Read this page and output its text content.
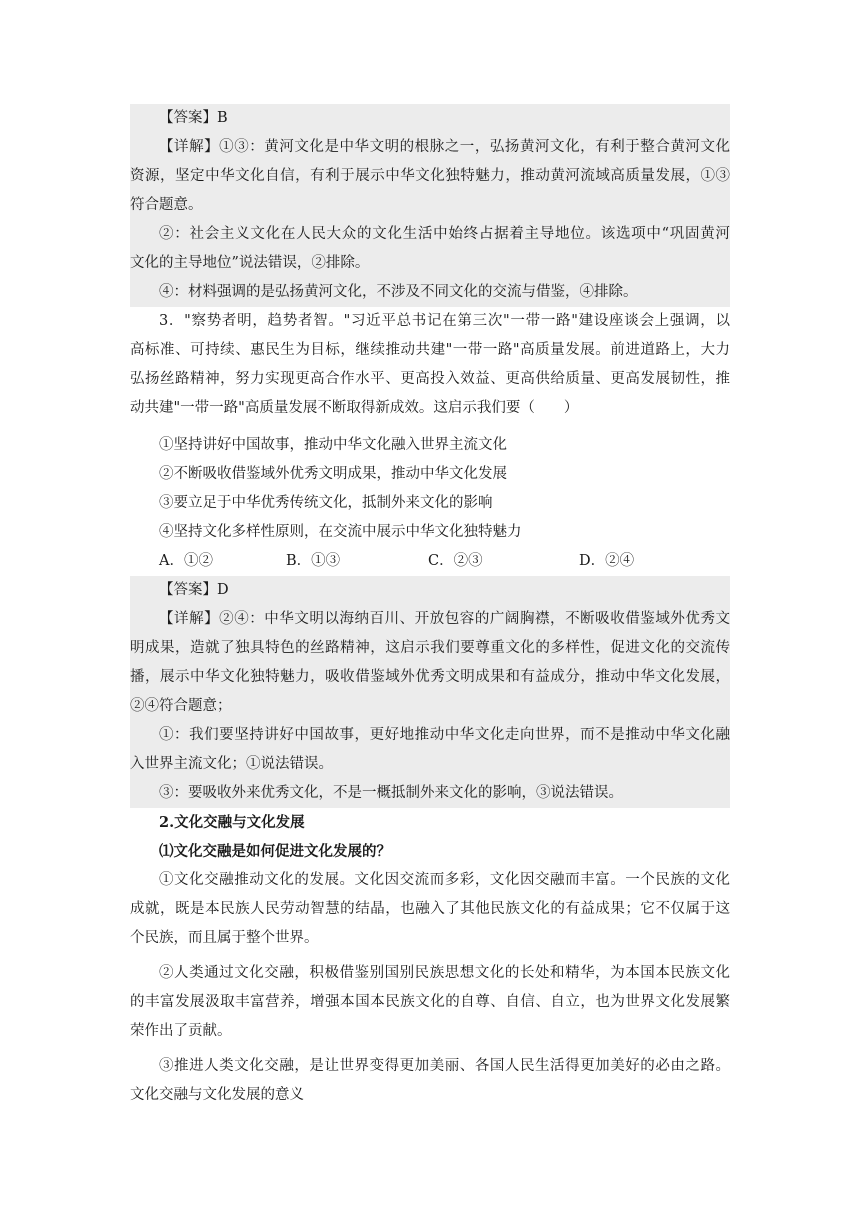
【答案】B
【详解】①③：黄河文化是中华文明的根脉之一，弘扬黄河文化，有利于整合黄河文化
资源，坚定中华文化自信，有利于展示中华文化独特魅力，推动黄河流域高质量发展，①③
符合题意。
②：社会主义文化在人民大众的文化生活中始终占据着主导地位。该选项中“巩固黄河
文化的主导地位”说法错误，②排除。
④：材料强调的是弘扬黄河文化，不涉及不同文化的交流与借鉴，④排除。
3．"察势者明，趋势者智。"习近平总书记在第三次"一带一路"建设座谈会上强调，以
高标准、可持续、惠民生为目标，继续推动共建"一带一路"高质量发展。前进道路上，大力
弘扬丝路精神，努力实现更高合作水平、更高投入效益、更高供给质量、更高发展韧性，推
动共建"一带一路"高质量发展不断取得新成效。这启示我们要（　　）
①坚持讲好中国故事，推动中华文化融入世界主流文化
②不断吸收借鉴域外优秀文明成果，推动中华文化发展
③要立足于中华优秀传统文化，抵制外来文化的影响
④坚持文化多样性原则，在交流中展示中华文化独特魅力
A．①②	B．①③	C．②③	D．②④
【答案】D
【详解】②④：中华文明以海纳百川、开放包容的广阔胸襟，不断吸收借鉴域外优秀文
明成果，造就了独具特色的丝路精神，这启示我们要尊重文化的多样性，促进文化的交流传
播，展示中华文化独特魅力，吸收借鉴域外优秀文明成果和有益成分，推动中华文化发展，
②④符合题意；
①：我们要坚持讲好中国故事，更好地推动中华文化走向世界，而不是推动中华文化融
入世界主流文化；①说法错误。
③：要吸收外来优秀文化，不是一概抵制外来文化的影响，③说法错误。
2.文化交融与文化发展
⑴文化交融是如何促进文化发展的？
①文化交融推动文化的发展。文化因交流而多彩，文化因交融而丰富。一个民族的文化
成就，既是本民族人民劳动智慧的结晶，也融入了其他民族文化的有益成果；它不仅属于这
个民族，而且属于整个世界。
②人类通过文化交融，积极借鉴别国别民族思想文化的长处和精华，为本国本民族文化
的丰富发展汲取丰富营养，增强本国本民族文化的自尊、自信、自立，也为世界文化发展繁
荣作出了贡献。
③推进人类文化交融，是让世界变得更加美丽、各国人民生活得更加美好的必由之路。
文化交融与文化发展的意义
